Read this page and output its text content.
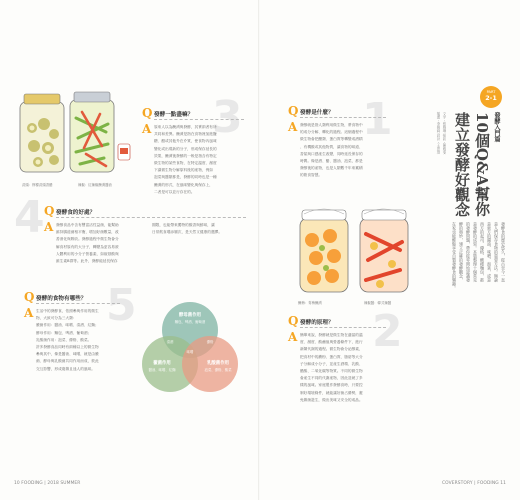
蒜頭：檸檬蒜頭香醋	辣椒：紅辣椒醃漬醬油
3
Q 發酵一點盡嘛？
A 原來人以為醃漬與發酵，其實兩者有所
共同和差異。醃漬是指在食物裡加進鹽
糖、醋或其他外在介質，使食物內風味
變化或出現新的分子，形成保存延長的
效果，醃漬後發酵的一般是指含有特定
微生物的某些食物，在特定溫度、濕度
下讓微生物分解原料後的產物，例如
泡菜與醬類都是，發酵的同時也是一種
醃漬的形式，在風味變化與保存上，
二者是可以並行存在的。
4 Q 發酵食的好處？
A 發酵食品中含有豐富活性益菌，能幫助
維持腸道菌相平衡，增加好菌數量，改
善消化與吸收。發酵過程中微生物會分
解食材原有的大分子，轉變為更容易被
人體利用的小分子營養素，如胺基酸與
維生素B群等。此外，發酵能延長保存
期限，也能帶來獨特的酸香與鮮味，讓
日常飲食增添層次，是天然又健康的選擇。
5
Q 發酵的食物有哪些？
A 生活中的發酵食，依照參與作用的微生
物，大致可分為三大類：
黴菌作用：醬油、味噌、清酒、紅麴；
酵母作用：麵包、啤酒、葡萄酒；
乳酸菌作用：泡菜、優格、酸菜。
許多發酵食品同時有兩種以上的微生物
參與其中，像是醬油、味噌，就是由黴
菌、酵母與乳酸菌共同作用而成，彼此
交互影響，形成複雜且迷人的風味。
酵母菌作用
麵包、啤酒、葡萄酒
黴菌作用
醬油、味噌、紅麴
乳酸菌作用
泡菜、優格、酸菜
清酒	優格
味噌
10 FOODING | 2018 SUMMER
1
Q 發酵是什麼？
A 發酵就是指人類利用微生物，將食物中
的成分分解、轉化的過程。這個過程中
微生物會把醣類、蛋白質等轉變成酒精
、有機酸或其他物質，讓食物的味道、
香氣與口感產生改變，同時延長保存的
時間。像是酒、醋、醬油、泡菜，都是
發酵後的產物，也是人類數千年來累積
的飲食智慧。
PART
2-1
發酵入門篇
10個Q&A幫你
建立發酵好觀念
文字・張雅琳 採訪・陳雅雯
插畫・李佩錡 設計・王思琪
醃梅：青梅醃漬	辣椒醬：韓式辣醬
發酵食的歷史悠久，從古至今一直
是人們保存食物的重要方法。無論
是東方的醬油、味噌、泡菜，或是
西方的起司、優格、酸種麵包，都
是發酵的成果。本篇整理十個常見
的發酵問題，帶你從零開始認識發
酵的奧妙，建立正確的發酵觀念，
在家也能輕鬆享受自製發酵食的樂趣。
2
Q 發酵的原理？
A 簡單來說，發酵就是微生物在適當的溫
度、濕度、酸鹼值與營養條件下，進行
新陳代謝的過程。微生物會分泌酵素，
把食材中的澱粉、蛋白質、脂肪等大分
子分解成小分子，並產生酒精、乳酸、
醋酸、二氧化碳等物質。不同的微生物
會產生不同的代謝產物，因此造就了多
樣的風味。家庭製作發酵食時，只要控
制好環境條件，就能讓好菌占優勢，避
免雜菌滋生，做出美味又安全的成品。
COVERSTORY | FOODING 11
